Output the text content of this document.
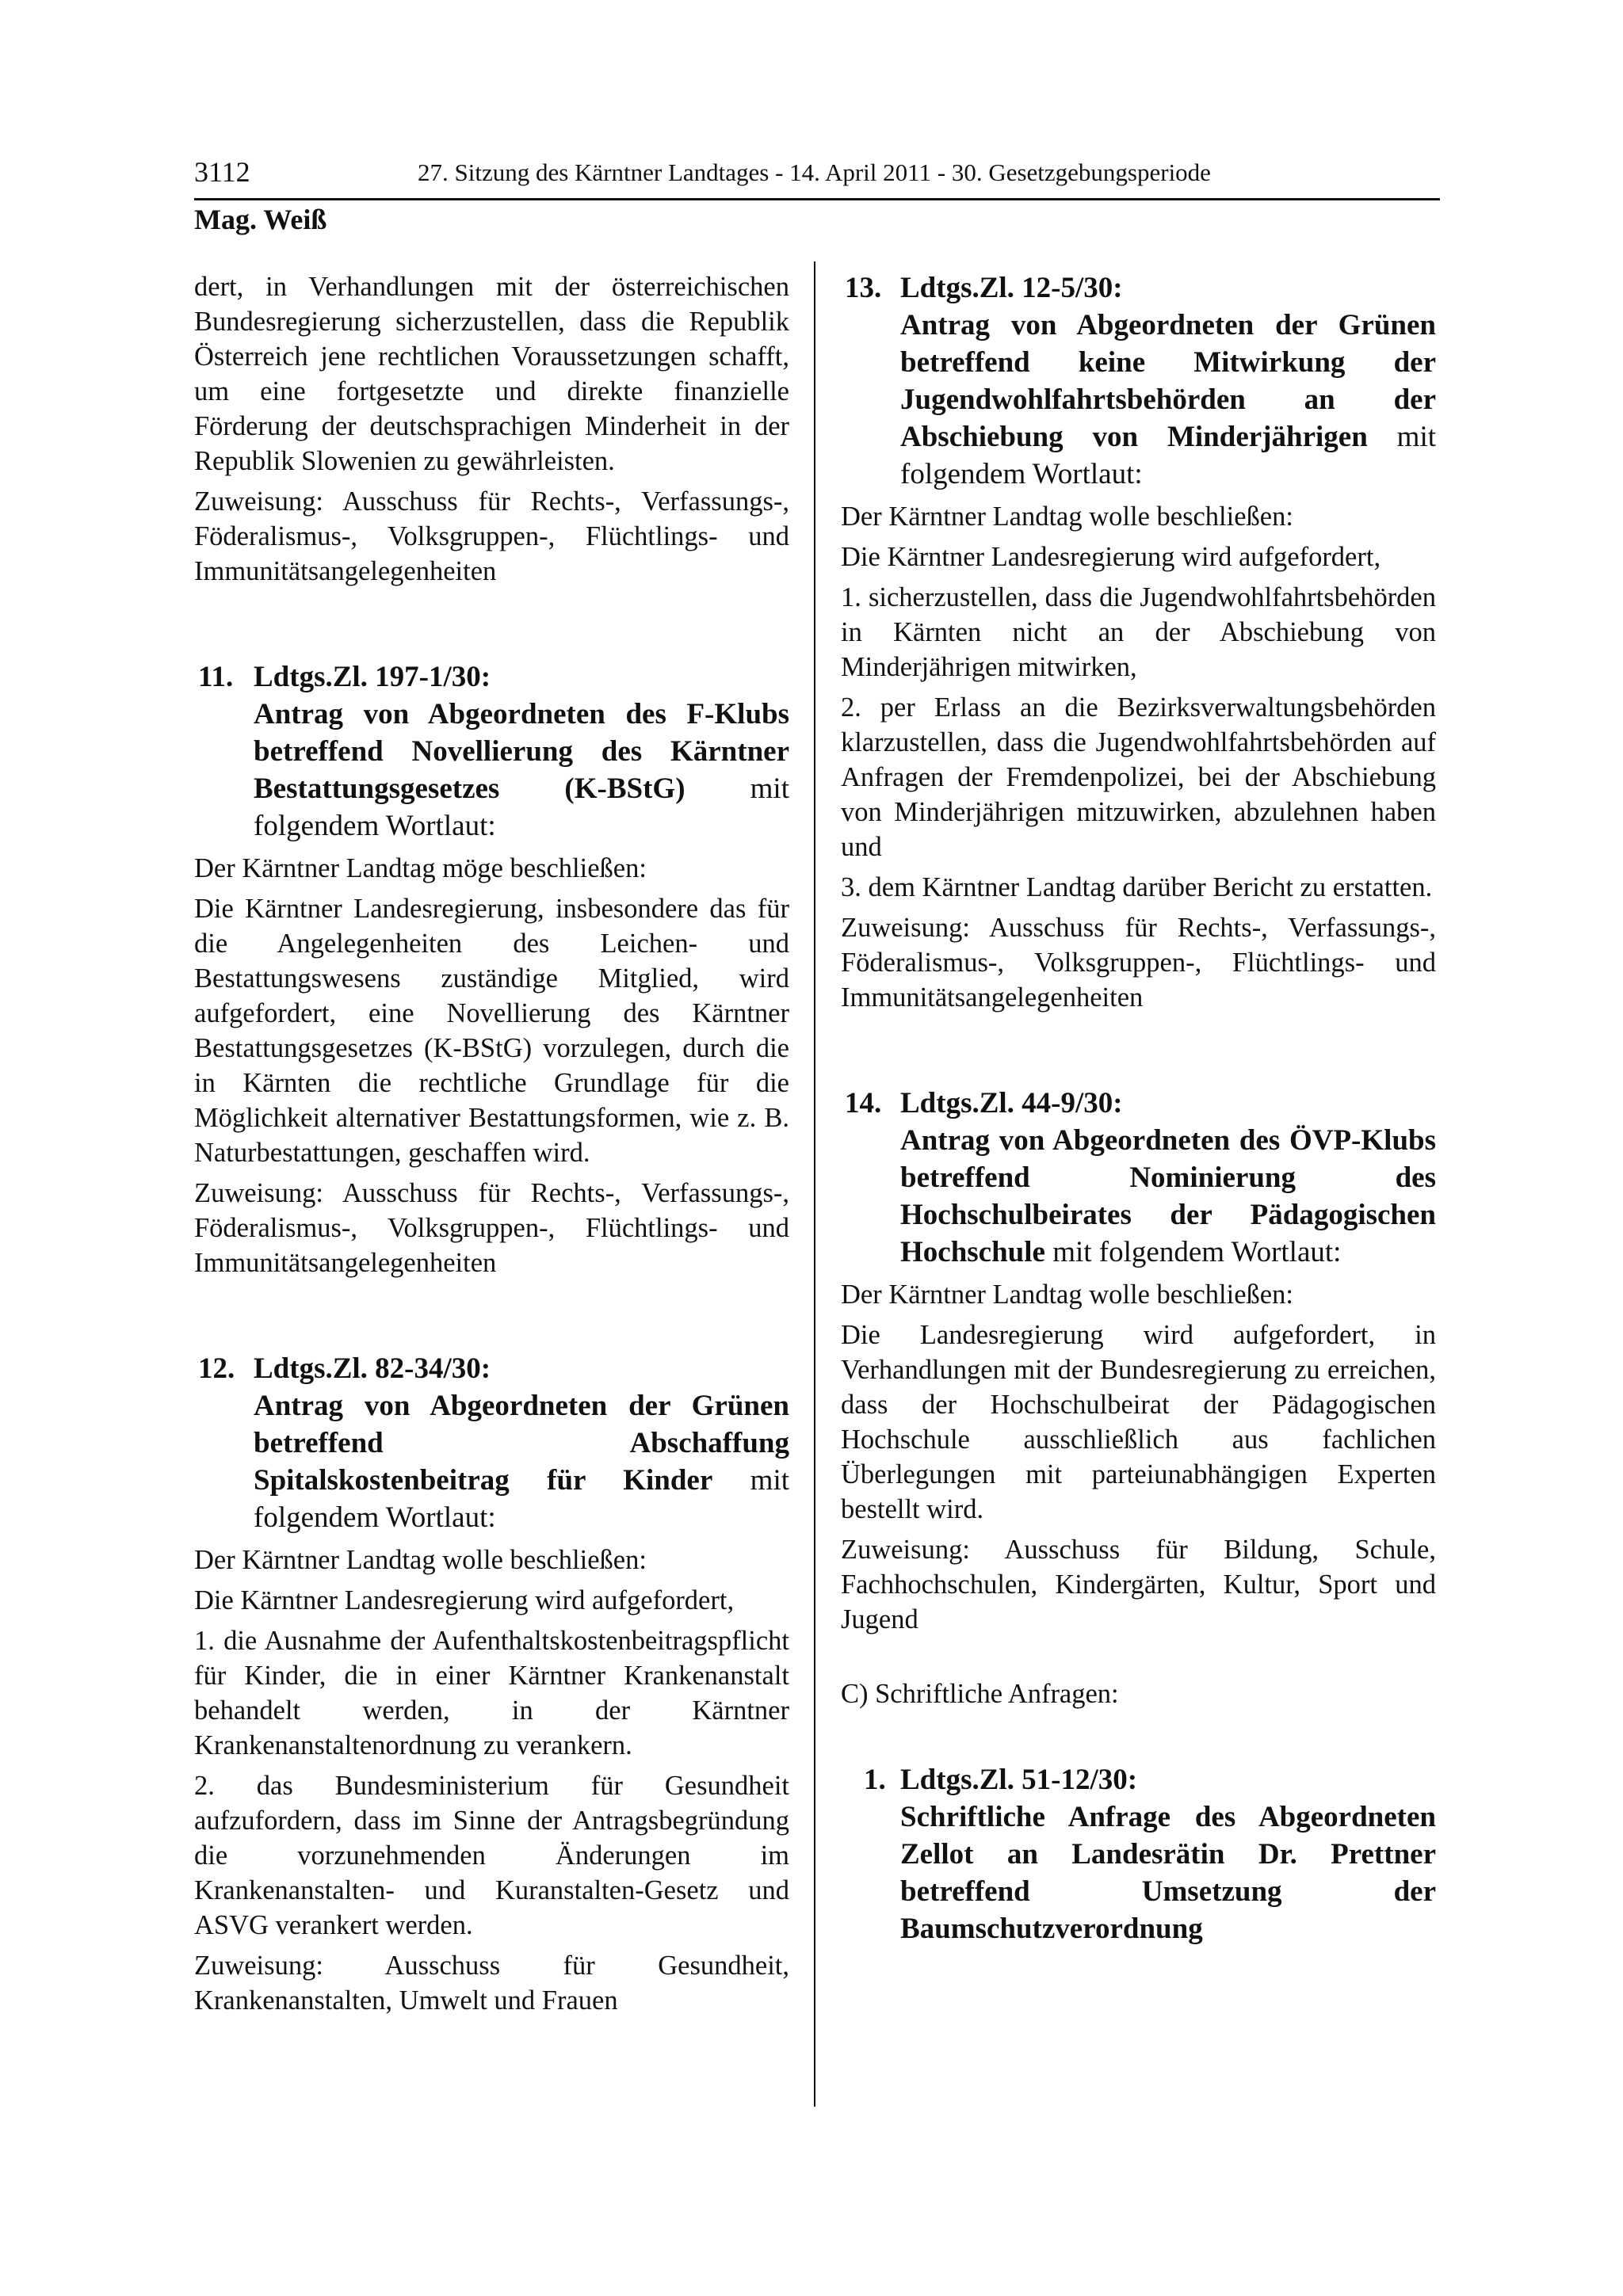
3112	27. Sitzung des Kärntner Landtages - 14. April 2011 - 30. Gesetzgebungsperiode
Mag. Weiß

dert, in Verhandlungen mit der österreichischen Bundesregierung sicherzustellen, dass die Republik Österreich jene rechtlichen Voraussetzungen schafft, um eine fortgesetzte und direkte finanzielle Förderung der deutschsprachigen Minderheit in der Republik Slowenien zu gewährleisten.

Zuweisung: Ausschuss für Rechts-, Verfassungs-, Föderalismus-, Volksgruppen-, Flüchtlings- und Immunitätsangelegenheiten

11. Ldtgs.Zl. 197-1/30:
Antrag von Abgeordneten des F-Klubs betreffend Novellierung des Kärntner Bestattungsgesetzes (K-BStG) mit folgendem Wortlaut:

Der Kärntner Landtag möge beschließen:

Die Kärntner Landesregierung, insbesondere das für die Angelegenheiten des Leichen- und Bestattungswesens zuständige Mitglied, wird aufgefordert, eine Novellierung des Kärntner Bestattungsgesetzes (K-BStG) vorzulegen, durch die in Kärnten die rechtliche Grundlage für die Möglichkeit alternativer Bestattungsformen, wie z. B. Naturbestattungen, geschaffen wird.

Zuweisung: Ausschuss für Rechts-, Verfassungs-, Föderalismus-, Volksgruppen-, Flüchtlings- und Immunitätsangelegenheiten

12. Ldtgs.Zl. 82-34/30:
Antrag von Abgeordneten der Grünen betreffend Abschaffung Spitalskostenbeitrag für Kinder mit folgendem Wortlaut:

Der Kärntner Landtag wolle beschließen:

Die Kärntner Landesregierung wird aufgefordert,

1. die Ausnahme der Aufenthaltskostenbeitragspflicht für Kinder, die in einer Kärntner Krankenanstalt behandelt werden, in der Kärntner Krankenanstaltenordnung zu verankern.

2. das Bundesministerium für Gesundheit aufzufordern, dass im Sinne der Antragsbegründung die vorzunehmenden Änderungen im Krankenanstalten- und Kuranstalten-Gesetz und ASVG verankert werden.

Zuweisung: Ausschuss für Gesundheit, Krankenanstalten, Umwelt und Frauen

13. Ldtgs.Zl. 12-5/30:
Antrag von Abgeordneten der Grünen betreffend keine Mitwirkung der Jugendwohlfahrtsbehörden an der Abschiebung von Minderjährigen mit folgendem Wortlaut:

Der Kärntner Landtag wolle beschließen:

Die Kärntner Landesregierung wird aufgefordert,

1. sicherzustellen, dass die Jugendwohlfahrtsbehörden in Kärnten nicht an der Abschiebung von Minderjährigen mitwirken,

2. per Erlass an die Bezirksverwaltungsbehörden klarzustellen, dass die Jugendwohlfahrtsbehörden auf Anfragen der Fremdenpolizei, bei der Abschiebung von Minderjährigen mitzuwirken, abzulehnen haben und

3. dem Kärntner Landtag darüber Bericht zu erstatten.

Zuweisung: Ausschuss für Rechts-, Verfassungs-, Föderalismus-, Volksgruppen-, Flüchtlings- und Immunitätsangelegenheiten

14. Ldtgs.Zl. 44-9/30:
Antrag von Abgeordneten des ÖVP-Klubs betreffend Nominierung des Hochschulbeirates der Pädagogischen Hochschule mit folgendem Wortlaut:

Der Kärntner Landtag wolle beschließen:

Die Landesregierung wird aufgefordert, in Verhandlungen mit der Bundesregierung zu erreichen, dass der Hochschulbeirat der Pädagogischen Hochschule ausschließlich aus fachlichen Überlegungen mit parteiunabhängigen Experten bestellt wird.

Zuweisung: Ausschuss für Bildung, Schule, Fachhochschulen, Kindergärten, Kultur, Sport und Jugend

C) Schriftliche Anfragen:

1. Ldtgs.Zl. 51-12/30:
Schriftliche Anfrage des Abgeordneten Zellot an Landesrätin Dr. Prettner betreffend Umsetzung der Baumschutzverordnung
